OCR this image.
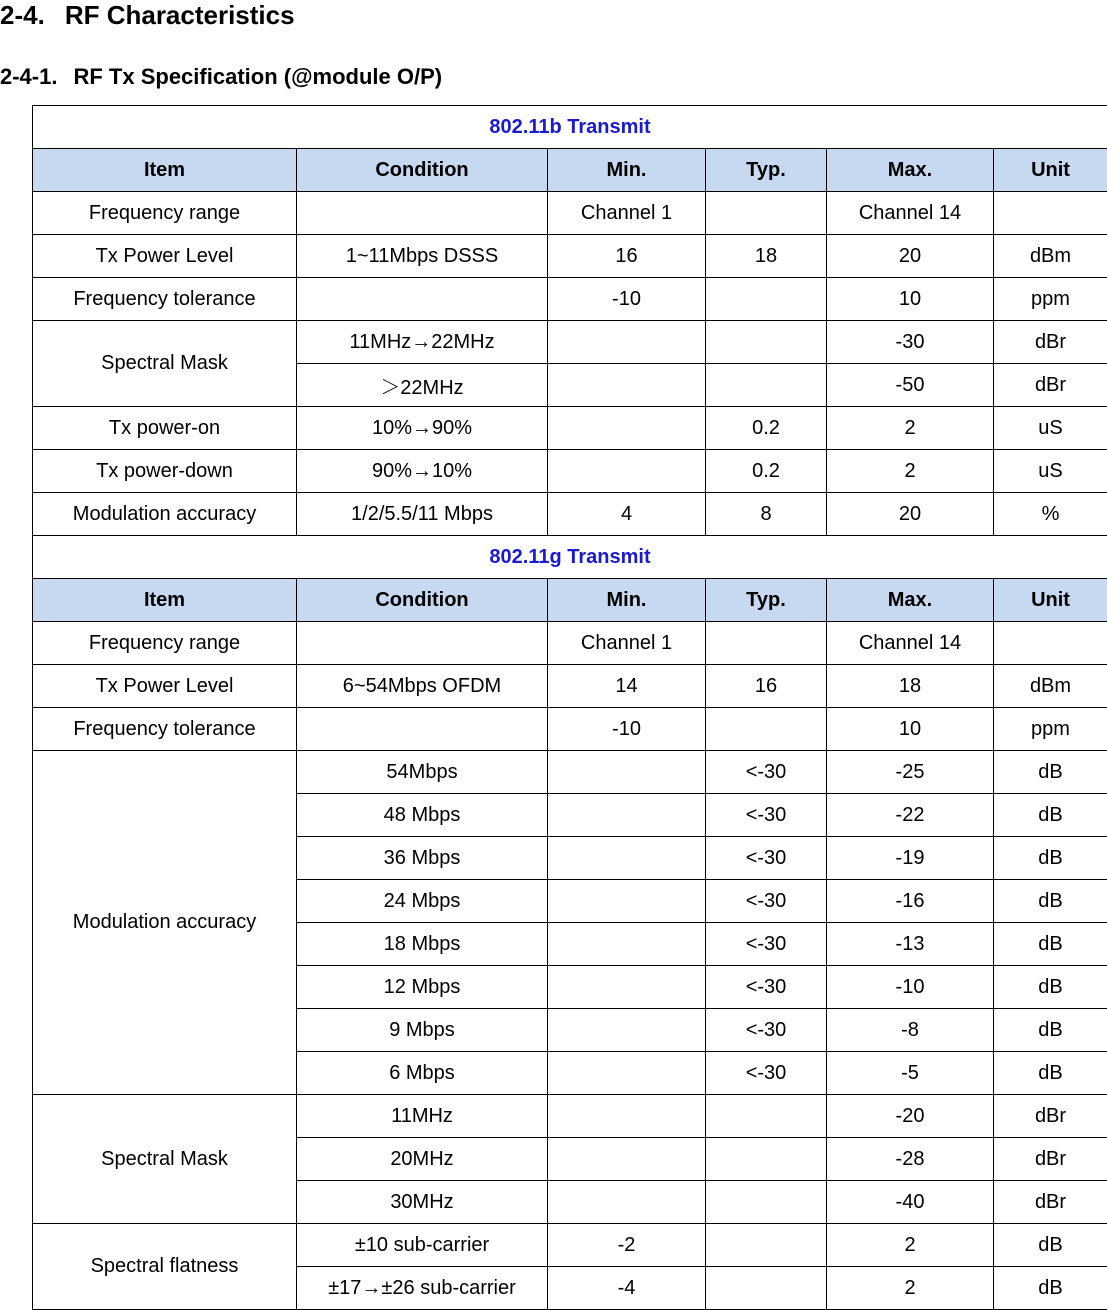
2-4. RF Characteristics
2-4-1. RF Tx Specification (@module O/P)
802.11b Transmit					
Item	Condition	Min.	Typ.	Max.	Unit
Frequency range		Channel 1		Channel 14	
Tx Power Level	1~11Mbps DSSS	16	18	20	dBm
Frequency tolerance		-10		10	ppm
Spectral Mask	11MHz→22MHz			-30	dBr
	＞22MHz			-50	dBr
Tx power-on	10%→90%		0.2	2	uS
Tx power-down	90%→10%		0.2	2	uS
Modulation accuracy	1/2/5.5/11 Mbps	4	8	20	%
802.11g Transmit					
Item	Condition	Min.	Typ.	Max.	Unit
Frequency range		Channel 1		Channel 14	
Tx Power Level	6~54Mbps OFDM	14	16	18	dBm
Frequency tolerance		-10		10	ppm
Modulation accuracy	54Mbps		<-30	-25	dB
	48 Mbps		<-30	-22	dB
	36 Mbps		<-30	-19	dB
	24 Mbps		<-30	-16	dB
	18 Mbps		<-30	-13	dB
	12 Mbps		<-30	-10	dB
	9 Mbps		<-30	-8	dB
	6 Mbps		<-30	-5	dB
Spectral Mask	11MHz			-20	dBr
	20MHz			-28	dBr
	30MHz			-40	dBr
Spectral flatness	±10 sub-carrier	-2		2	dB
	±17→±26 sub-carrier	-4		2	dB
